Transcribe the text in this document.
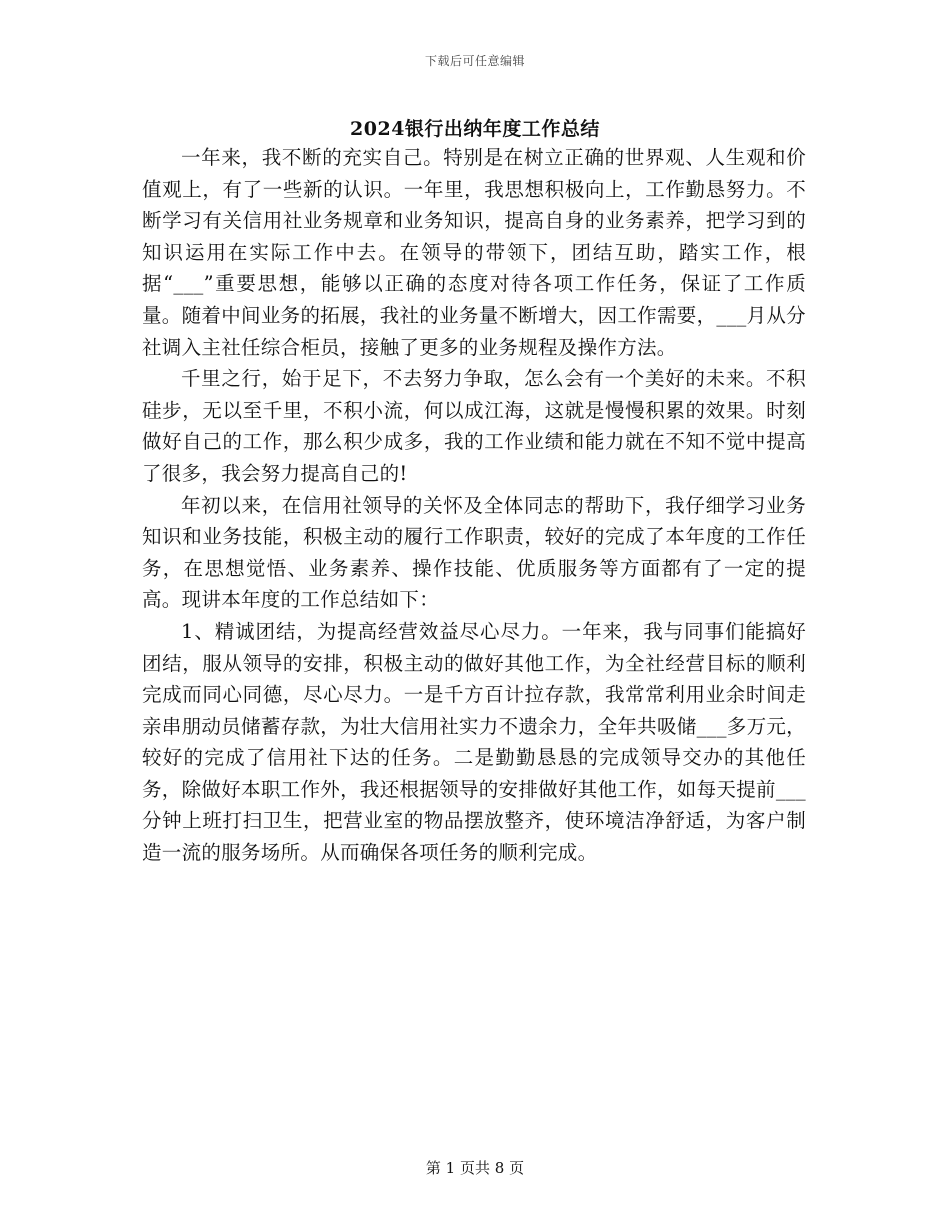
下载后可任意编辑
2024银行出纳年度工作总结

一年来，我不断的充实自己。特别是在树立正确的世界观、人生观和价值观上，有了一些新的认识。一年里，我思想积极向上，工作勤恳努力。不断学习有关信用社业务规章和业务知识，提高自身的业务素养，把学习到的知识运用在实际工作中去。在领导的带领下，团结互助，踏实工作，根据“___”重要思想，能够以正确的态度对待各项工作任务，保证了工作质量。随着中间业务的拓展，我社的业务量不断增大，因工作需要，___月从分社调入主社任综合柜员，接触了更多的业务规程及操作方法。

千里之行，始于足下，不去努力争取，怎么会有一个美好的未来。不积硅步，无以至千里，不积小流，何以成江海，这就是慢慢积累的效果。时刻做好自己的工作，那么积少成多，我的工作业绩和能力就在不知不觉中提高了很多，我会努力提高自己的!

年初以来，在信用社领导的关怀及全体同志的帮助下，我仔细学习业务知识和业务技能，积极主动的履行工作职责，较好的完成了本年度的工作任务，在思想觉悟、业务素养、操作技能、优质服务等方面都有了一定的提高。现讲本年度的工作总结如下：

1、精诚团结，为提高经营效益尽心尽力。一年来，我与同事们能搞好团结，服从领导的安排，积极主动的做好其他工作，为全社经营目标的顺利完成而同心同德，尽心尽力。一是千方百计拉存款，我常常利用业余时间走亲串朋动员储蓄存款，为壮大信用社实力不遗余力，全年共吸储___多万元，较好的完成了信用社下达的任务。二是勤勤恳恳的完成领导交办的其他任务，除做好本职工作外，我还根据领导的安排做好其他工作，如每天提前___分钟上班打扫卫生，把营业室的物品摆放整齐，使环境洁净舒适，为客户制造一流的服务场所。从而确保各项任务的顺利完成。

第 1 页共 8 页
